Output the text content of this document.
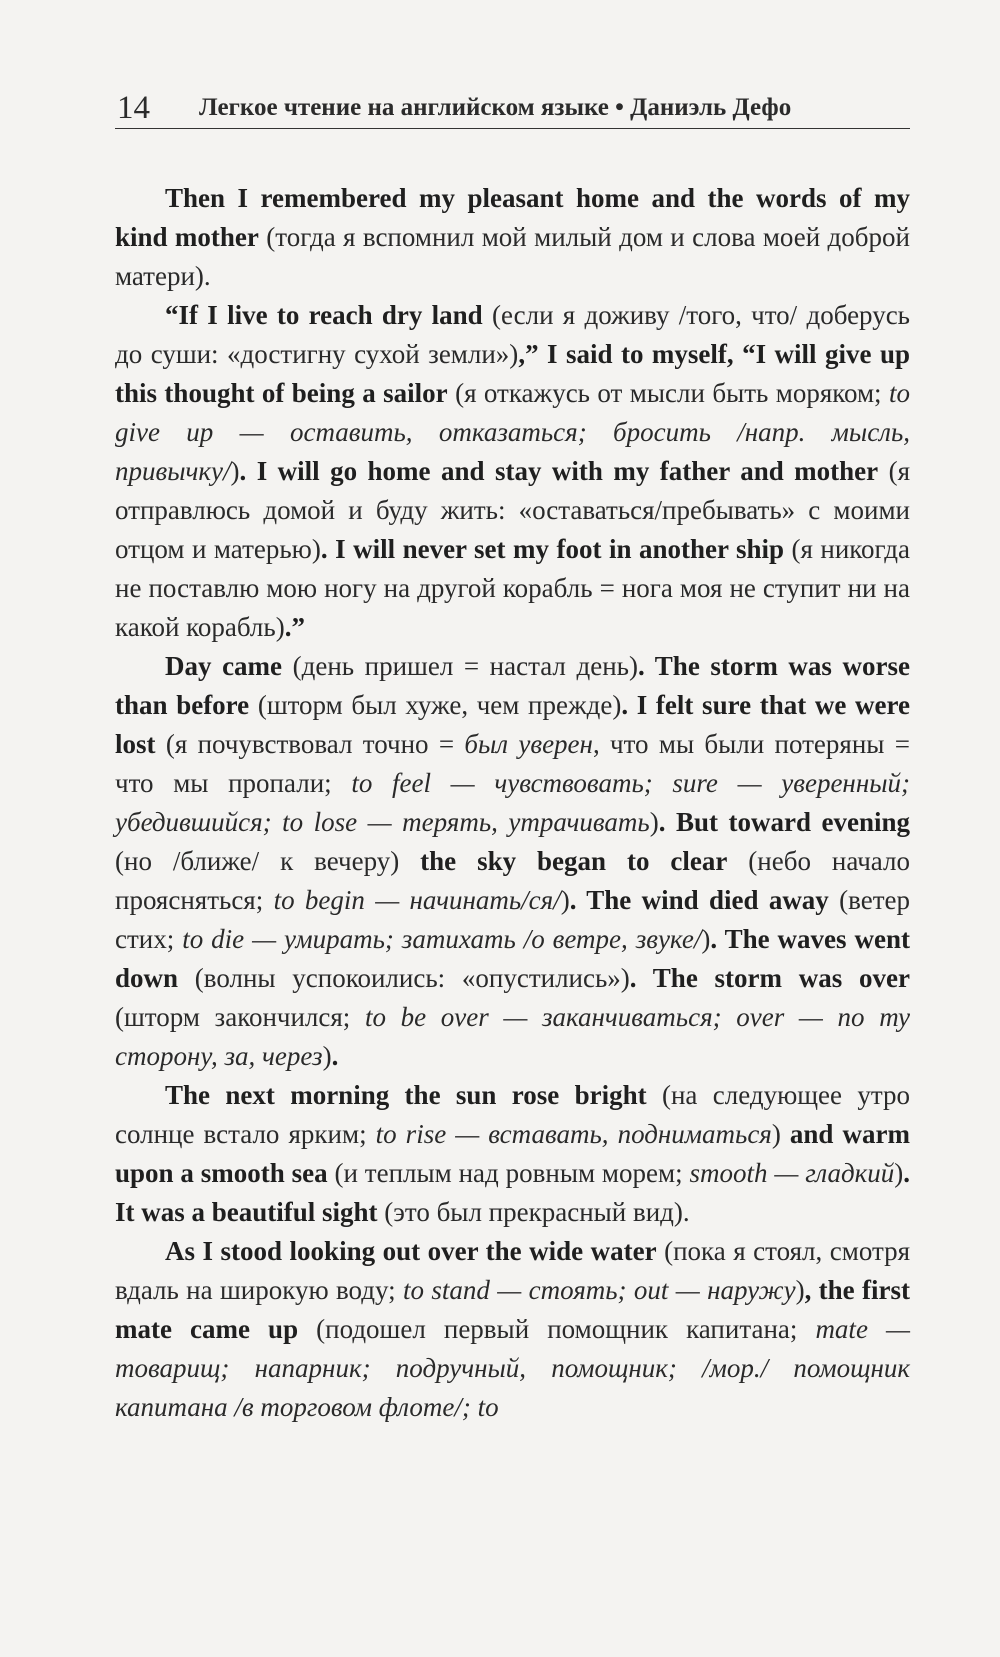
14 Легкое чтение на английском языке • Даниэль Дефо

Then I remembered my pleasant home and the words of my kind mother (тогда я вспомнил мой милый дом и слова моей доброй матери).

“If I live to reach dry land (если я доживу /того, что/ доберусь до суши: «достигну сухой земли»),” I said to myself, “I will give up this thought of being a sailor (я откажусь от мысли быть моряком; to give up — оставить, отказаться; бросить /напр. мысль, привычку/). I will go home and stay with my father and mother (я отправлюсь домой и буду жить: «оставаться/пребывать» с моими отцом и матерью). I will never set my foot in another ship (я никогда не поставлю мою ногу на другой корабль = нога моя не ступит ни на какой корабль).”

Day came (день пришел = настал день). The storm was worse than before (шторм был хуже, чем прежде). I felt sure that we were lost (я почувствовал точно = был уверен, что мы были потеряны = что мы пропали; to feel — чувствовать; sure — уверенный; убедившийся; to lose — терять, утрачивать). But toward evening (но /ближе/ к вечеру) the sky began to clear (небо начало проясняться; to begin — начинать/ся/). The wind died away (ветер стих; to die — умирать; затихать /о ветре, звуке/). The waves went down (волны успокоились: «опустились»). The storm was over (шторм закончился; to be over — заканчиваться; over — по ту сторону, за, через).

The next morning the sun rose bright (на следующее утро солнце встало ярким; to rise — вставать, подниматься) and warm upon a smooth sea (и теплым над ровным морем; smooth — гладкий). It was a beautiful sight (это был прекрасный вид).

As I stood looking out over the wide water (пока я стоял, смотря вдаль на широкую воду; to stand — стоять; out — наружу), the first mate came up (подошел первый помощник капитана; mate — товарищ; напарник; подручный, помощник; /мор./ помощник капитана /в торговом флоте/; to
